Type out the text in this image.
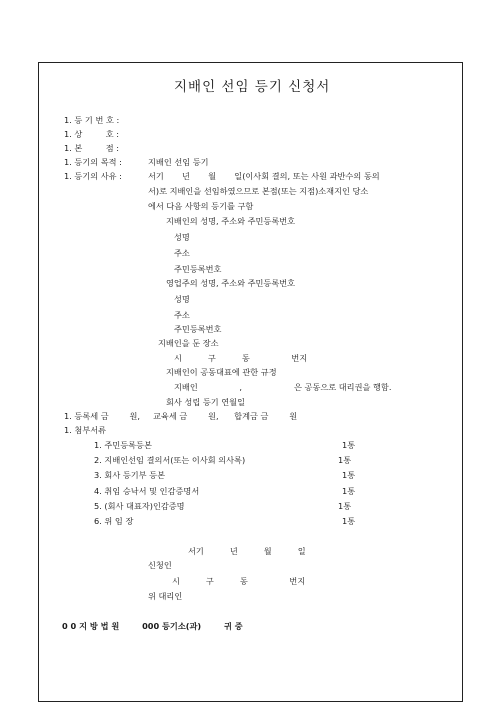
지배인 선임 등기 신청서
1. 등 기 번 호 :
1. 상         호 :
1. 본         점 :
1. 등기의 목적 :	지배인 선임 등기
1. 등기의 사유 :	서기       년       월       일(이사회 결의, 또는 사원 과반수의 동의
서)로 지배인을 선임하였으므로 본점(또는 지점)소재지인 당소
에서 다음 사항의 등기를 구함
지배인의 성명, 주소와 주민등록번호
성명
주소
주민등록번호
영업주의 성명, 주소와 주민등록번호
성명
주소
주민등록번호
지배인을 둔 장소
시          구          동                번지
지배인이 공동대표에 관한 규정
지배인                ,                    은 공동으로 대리권을 행함.
회사 성립 등기 연월일
1. 등록세 금        원,     교육세 금        원,      합계금 금        원
1. 첨부서류
1. 주민등록등본	1통
2. 지배인선임 결의서(또는 이사회 의사록)	1통
3. 회사 등기부 등본	1통
4. 취임 승낙서 및 인감증명서	1통
5. (회사 대표자)인감증명	1통
6. 위 임 장	1통
서기          년          월          일
신청인
시          구          동                번지
위 대리인
0 0 지 방 법 원        000 등기소(과)        귀 중
